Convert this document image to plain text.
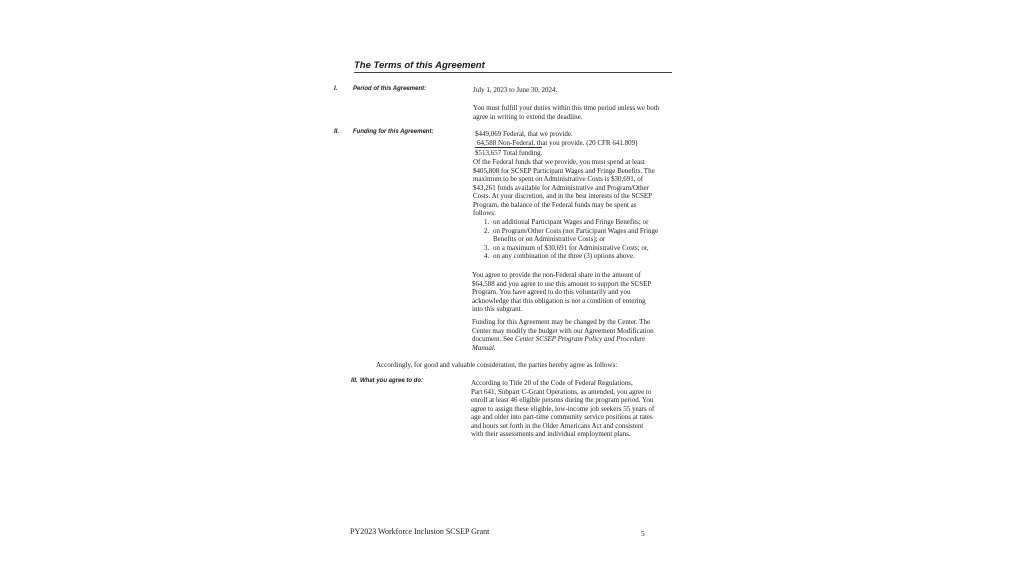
The Terms of this Agreement
I.	Period of this Agreement:	July 1, 2023 to June 30, 2024.
You must fulfill your duties within this time period unless we both
agree in writing to extend the deadline.
II. Funding for this Agreement:	$449,069 Federal, that we provide.
64,588 Non-Federal, that you provide. (20 CFR 641.809)
$513,657 Total funding.
Of the Federal funds that we provide, you must spend at least
$405,808 for SCSEP Participant Wages and Fringe Benefits. The
maximum to be spent on Administrative Costs is $30,691, of
$43,261 funds available for Administrative and Program/Other
Costs. At your discretion, and in the best interests of the SCSEP
Program, the balance of the Federal funds may be spent as
follows:
1. on additional Participant Wages and Fringe Benefits; or
2. on Program/Other Costs (not Participant Wages and Fringe
Benefits or on Administrative Costs); or
3. on a maximum of $30,691 for Administrative Costs; or,
4. on any combination of the three (3) options above.
You agree to provide the non-Federal share in the amount of
$64,588 and you agree to use this amount to support the SCSEP
Program. You have agreed to do this voluntarily and you
acknowledge that this obligation is not a condition of entering
into this subgrant.
Funding for this Agreement may be changed by the Center. The
Center may modify the budget with our Agreement Modification
document. See Center SCSEP Program Policy and Procedure
Manual.
Accordingly, for good and valuable consideration, the parties hereby agree as follows:
III. What you agree to do:	According to Title 20 of the Code of Federal Regulations,
Part 641, Subpart C-Grant Operations, as amended, you agree to
enroll at least 46 eligible persons during the program period. You
agree to assign these eligible, low-income job seekers 55 years of
age and older into part-time community service positions at rates
and hours set forth in the Older Americans Act and consistent
with their assessments and individual employment plans.
PY2023 Workforce Inclusion SCSEP Grant	5
